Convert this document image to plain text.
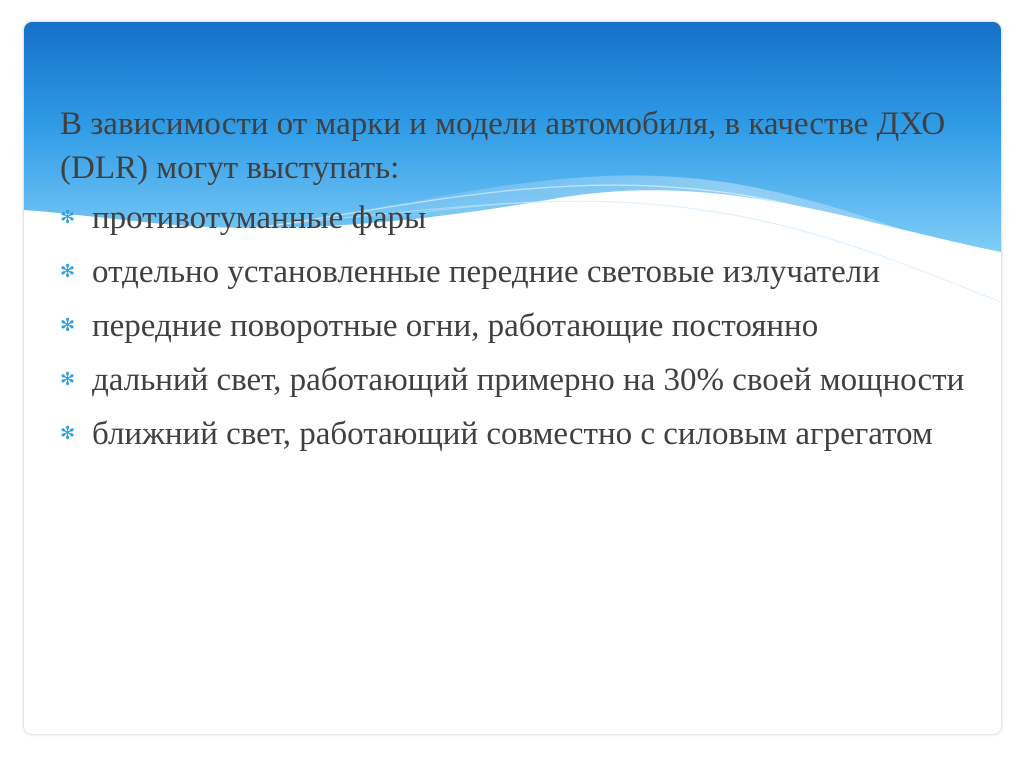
В зависимости от марки и модели автомобиля, в качестве ДХО (DLR) могут выступать:

✻ противотуманные фары
✻ отдельно установленные передние световые излучатели
✻ передние поворотные огни, работающие постоянно
✻ дальний свет, работающий примерно на 30% своей мощности
✻ ближний свет, работающий совместно с силовым агрегатом
